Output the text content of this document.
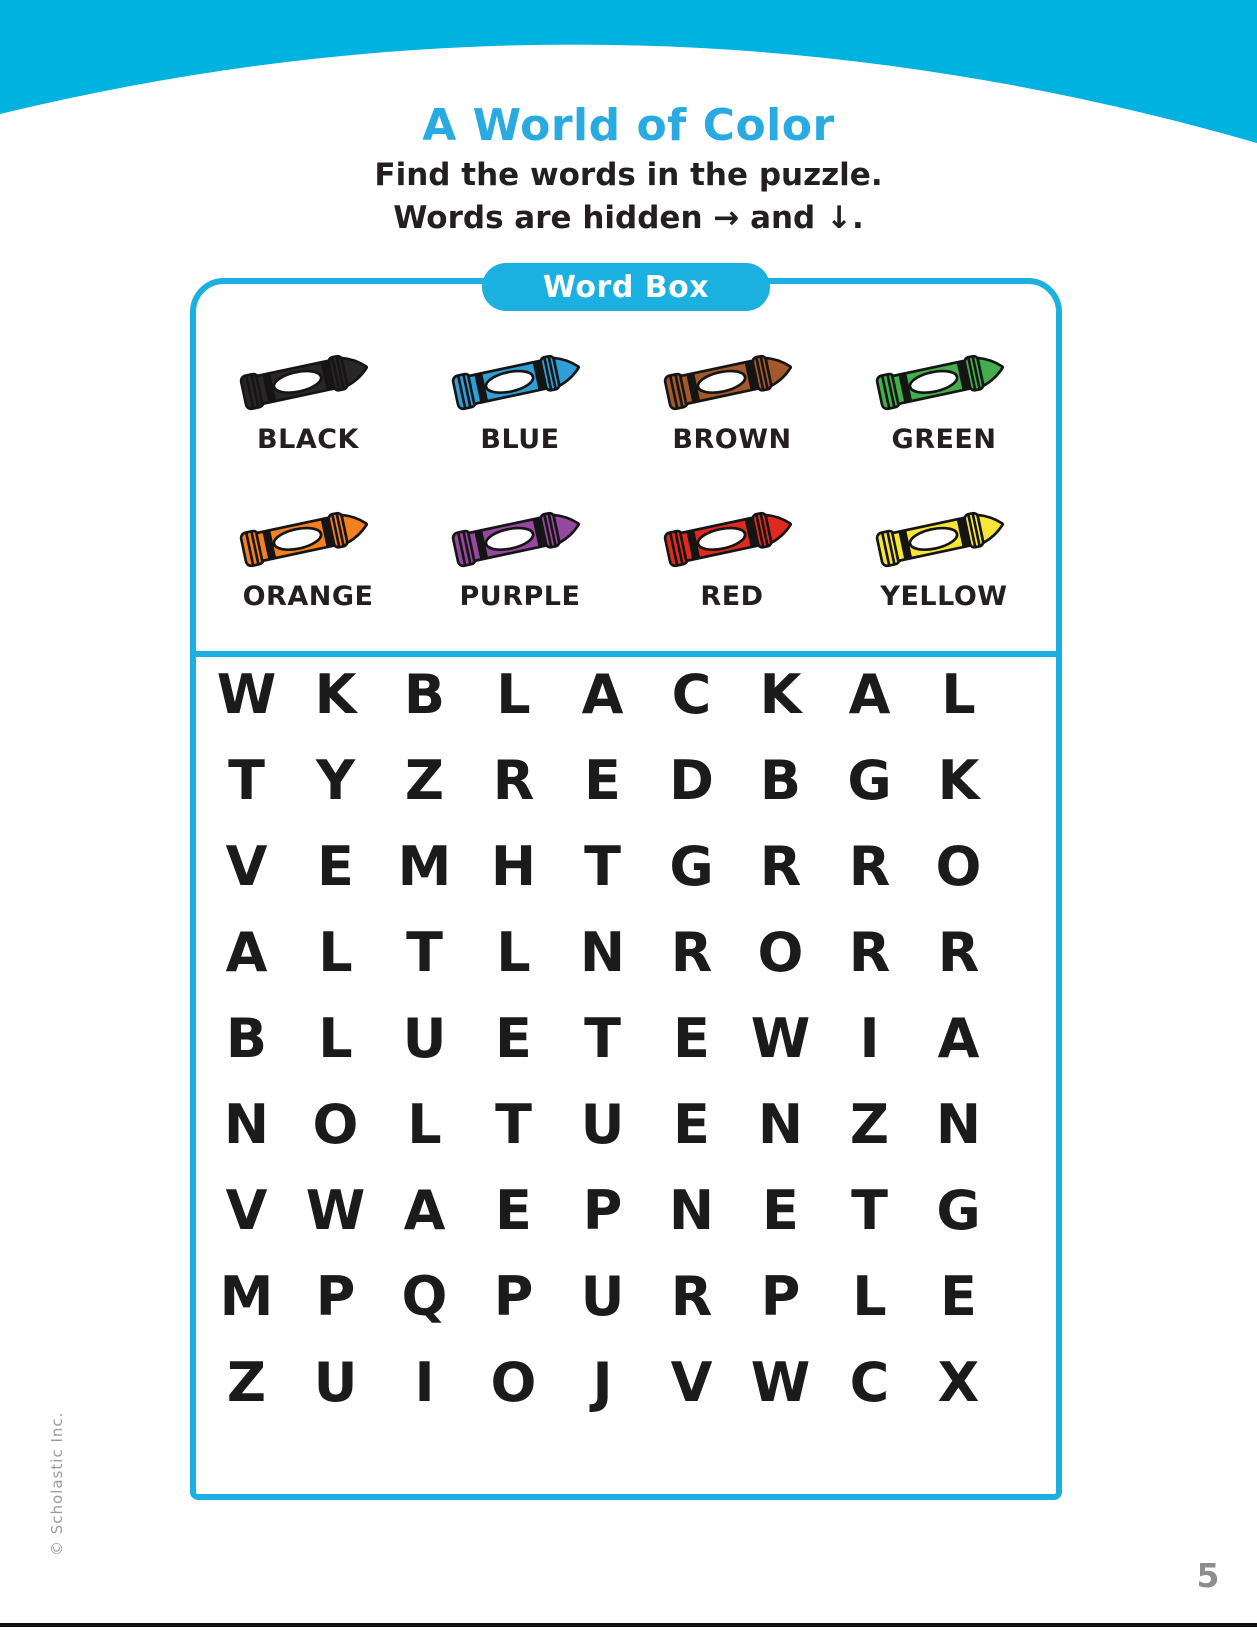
A World of Color
Find the words in the puzzle.
Words are hidden → and ↓.
Word Box
BLACK	BLUE	BROWN	GREEN
ORANGE	PURPLE	RED	YELLOW
W K B L A C K A L
T Y Z R E D B G K
V E M H T G R R O
A L T L N R O R R
B L U E T E W I	A
N O L T U E N Z N
V W A E P N E T G
M P Q P U R P L E
Z U	I	O	J	V W C X
© Scholastic Inc.
5
